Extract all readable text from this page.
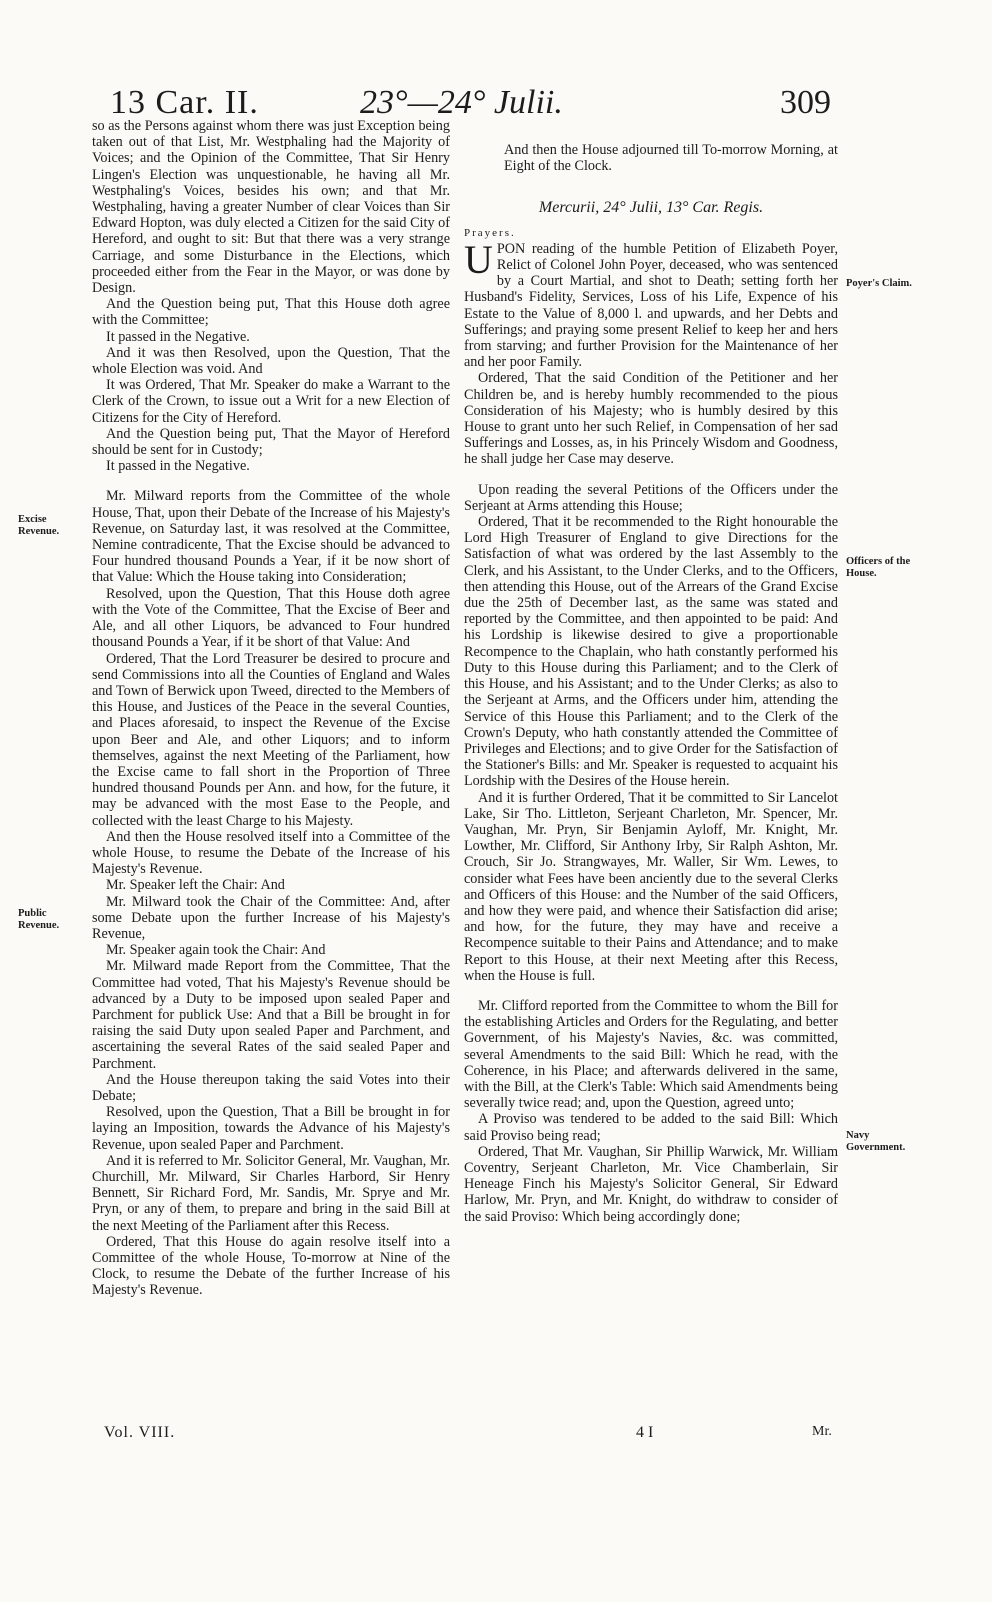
13 Car. II.	23°—24° Julii.	309
Excise Revenue.
Public Revenue.
Poyer's Claim.
Officers of the House.
Navy Government.

so as the Persons against whom there was just Exception being taken out of that List, Mr. Westphaling had the Majority of Voices; and the Opinion of the Committee, That Sir Henry Lingen's Election was unquestionable, he having all Mr. Westphaling's Voices, besides his own; and that Mr. Westphaling, having a greater Number of clear Voices than Sir Edward Hopton, was duly elected a Citizen for the said City of Hereford, and ought to sit: But that there was a very strange Carriage, and some Disturbance in the Elections, which proceeded either from the Fear in the Mayor, or was done by Design.

And the Question being put, That this House doth agree with the Committee;

It passed in the Negative.

And it was then Resolved, upon the Question, That the whole Election was void. And

It was Ordered, That Mr. Speaker do make a Warrant to the Clerk of the Crown, to issue out a Writ for a new Election of Citizens for the City of Hereford.

And the Question being put, That the Mayor of Hereford should be sent for in Custody;

It passed in the Negative.

Mr. Milward reports from the Committee of the whole House, That, upon their Debate of the Increase of his Majesty's Revenue, on Saturday last, it was resolved at the Committee, Nemine contradicente, That the Excise should be advanced to Four hundred thousand Pounds a Year, if it be now short of that Value: Which the House taking into Consideration;

Resolved, upon the Question, That this House doth agree with the Vote of the Committee, That the Excise of Beer and Ale, and all other Liquors, be advanced to Four hundred thousand Pounds a Year, if it be short of that Value: And

Ordered, That the Lord Treasurer be desired to procure and send Commissions into all the Counties of England and Wales and Town of Berwick upon Tweed, directed to the Members of this House, and Justices of the Peace in the several Counties, and Places aforesaid, to inspect the Revenue of the Excise upon Beer and Ale, and other Liquors; and to inform themselves, against the next Meeting of the Parliament, how the Excise came to fall short in the Proportion of Three hundred thousand Pounds per Ann. and how, for the future, it may be advanced with the most Ease to the People, and collected with the least Charge to his Majesty.

And then the House resolved itself into a Committee of the whole House, to resume the Debate of the Increase of his Majesty's Revenue.

Mr. Speaker left the Chair: And

Mr. Milward took the Chair of the Committee: And, after some Debate upon the further Increase of his Majesty's Revenue,

Mr. Speaker again took the Chair: And

Mr. Milward made Report from the Committee, That the Committee had voted, That his Majesty's Revenue should be advanced by a Duty to be imposed upon sealed Paper and Parchment for publick Use: And that a Bill be brought in for raising the said Duty upon sealed Paper and Parchment, and ascertaining the several Rates of the said sealed Paper and Parchment.

And the House thereupon taking the said Votes into their Debate;

Resolved, upon the Question, That a Bill be brought in for laying an Imposition, towards the Advance of his Majesty's Revenue, upon sealed Paper and Parchment.

And it is referred to Mr. Solicitor General, Mr. Vaughan, Mr. Churchill, Mr. Milward, Sir Charles Harbord, Sir Henry Bennett, Sir Richard Ford, Mr. Sandis, Mr. Sprye and Mr. Pryn, or any of them, to prepare and bring in the said Bill at the next Meeting of the Parliament after this Recess.

Ordered, That this House do again resolve itself into a Committee of the whole House, To-morrow at Nine of the Clock, to resume the Debate of the further Increase of his Majesty's Revenue.

And then the House adjourned till To-morrow Morning, at Eight of the Clock.

Mercurii, 24° Julii, 13° Car. Regis.

Prayers.

UPON reading of the humble Petition of Elizabeth Poyer, Relict of Colonel John Poyer, deceased, who was sentenced by a Court Martial, and shot to Death; setting forth her Husband's Fidelity, Services, Loss of his Life, Expence of his Estate to the Value of 8,000 l. and upwards, and her Debts and Sufferings; and praying some present Relief to keep her and hers from starving; and further Provision for the Maintenance of her and her poor Family.

Ordered, That the said Condition of the Petitioner and her Children be, and is hereby humbly recommended to the pious Consideration of his Majesty; who is humbly desired by this House to grant unto her such Relief, in Compensation of her sad Sufferings and Losses, as, in his Princely Wisdom and Goodness, he shall judge her Case may deserve.

Upon reading the several Petitions of the Officers under the Serjeant at Arms attending this House;

Ordered, That it be recommended to the Right honourable the Lord High Treasurer of England to give Directions for the Satisfaction of what was ordered by the last Assembly to the Clerk, and his Assistant, to the Under Clerks, and to the Officers, then attending this House, out of the Arrears of the Grand Excise due the 25th of December last, as the same was stated and reported by the Committee, and then appointed to be paid: And his Lordship is likewise desired to give a proportionable Recompence to the Chaplain, who hath constantly performed his Duty to this House during this Parliament; and to the Clerk of this House, and his Assistant; and to the Under Clerks; as also to the Serjeant at Arms, and the Officers under him, attending the Service of this House this Parliament; and to the Clerk of the Crown's Deputy, who hath constantly attended the Committee of Privileges and Elections; and to give Order for the Satisfaction of the Stationer's Bills: and Mr. Speaker is requested to acquaint his Lordship with the Desires of the House herein.

And it is further Ordered, That it be committed to Sir Lancelot Lake, Sir Tho. Littleton, Serjeant Charleton, Mr. Spencer, Mr. Vaughan, Mr. Pryn, Sir Benjamin Ayloff, Mr. Knight, Mr. Lowther, Mr. Clifford, Sir Anthony Irby, Sir Ralph Ashton, Mr. Crouch, Sir Jo. Strangwayes, Mr. Waller, Sir Wm. Lewes, to consider what Fees have been anciently due to the several Clerks and Officers of this House: and the Number of the said Officers, and how they were paid, and whence their Satisfaction did arise; and how, for the future, they may have and receive a Recompence suitable to their Pains and Attendance; and to make Report to this House, at their next Meeting after this Recess, when the House is full.

Mr. Clifford reported from the Committee to whom the Bill for the establishing Articles and Orders for the Regulating, and better Government, of his Majesty's Navies, &c. was committed, several Amendments to the said Bill: Which he read, with the Coherence, in his Place; and afterwards delivered in the same, with the Bill, at the Clerk's Table: Which said Amendments being severally twice read; and, upon the Question, agreed unto;

A Proviso was tendered to be added to the said Bill: Which said Proviso being read;

Ordered, That Mr. Vaughan, Sir Phillip Warwick, Mr. William Coventry, Serjeant Charleton, Mr. Vice Chamberlain, Sir Heneage Finch his Majesty's Solicitor General, Sir Edward Harlow, Mr. Pryn, and Mr. Knight, do withdraw to consider of the said Proviso: Which being accordingly done;

Vol. VIII.	4 I	Mr.
